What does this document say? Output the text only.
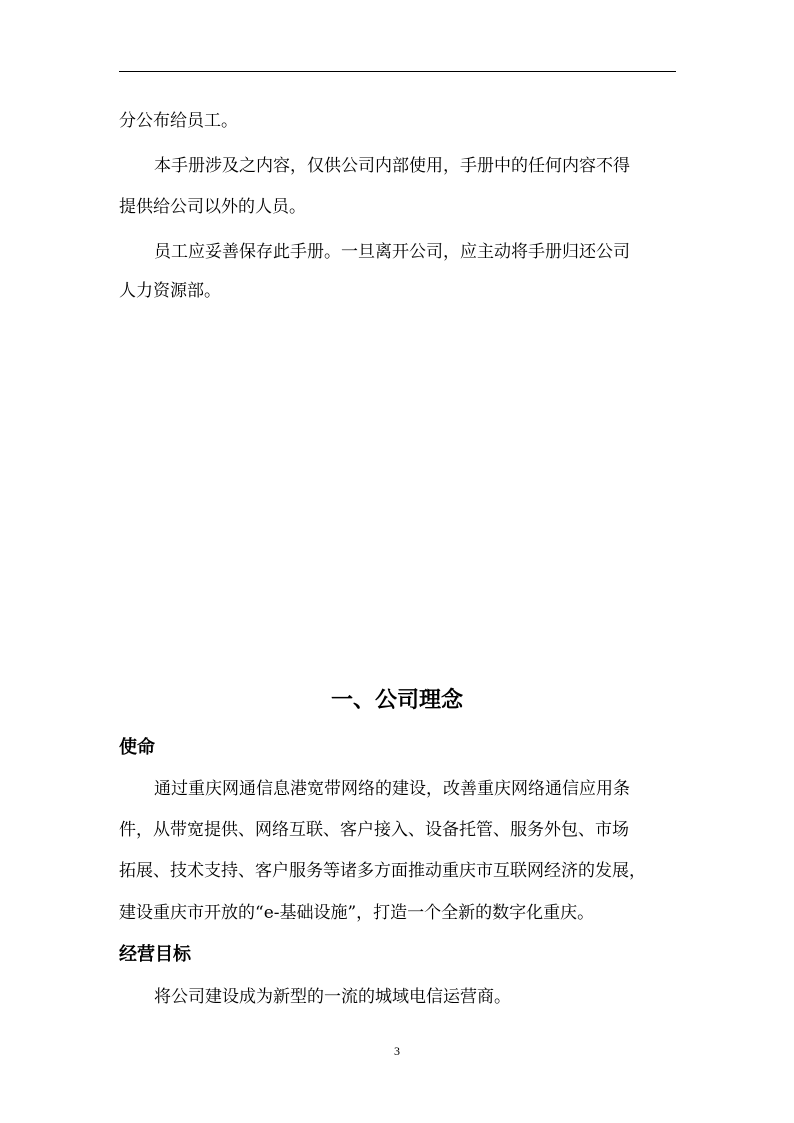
分公布给员工。
本手册涉及之内容，仅供公司内部使用，手册中的任何内容不得
提供给公司以外的人员。
员工应妥善保存此手册。一旦离开公司，应主动将手册归还公司
人力资源部。
一、公司理念
使命
通过重庆网通信息港宽带网络的建设，改善重庆网络通信应用条
件，从带宽提供、网络互联、客户接入、设备托管、服务外包、市场
拓展、技术支持、客户服务等诸多方面推动重庆市互联网经济的发展，
建设重庆市开放的“e-基础设施”，打造一个全新的数字化重庆。
经营目标
将公司建设成为新型的一流的城域电信运营商。
3
